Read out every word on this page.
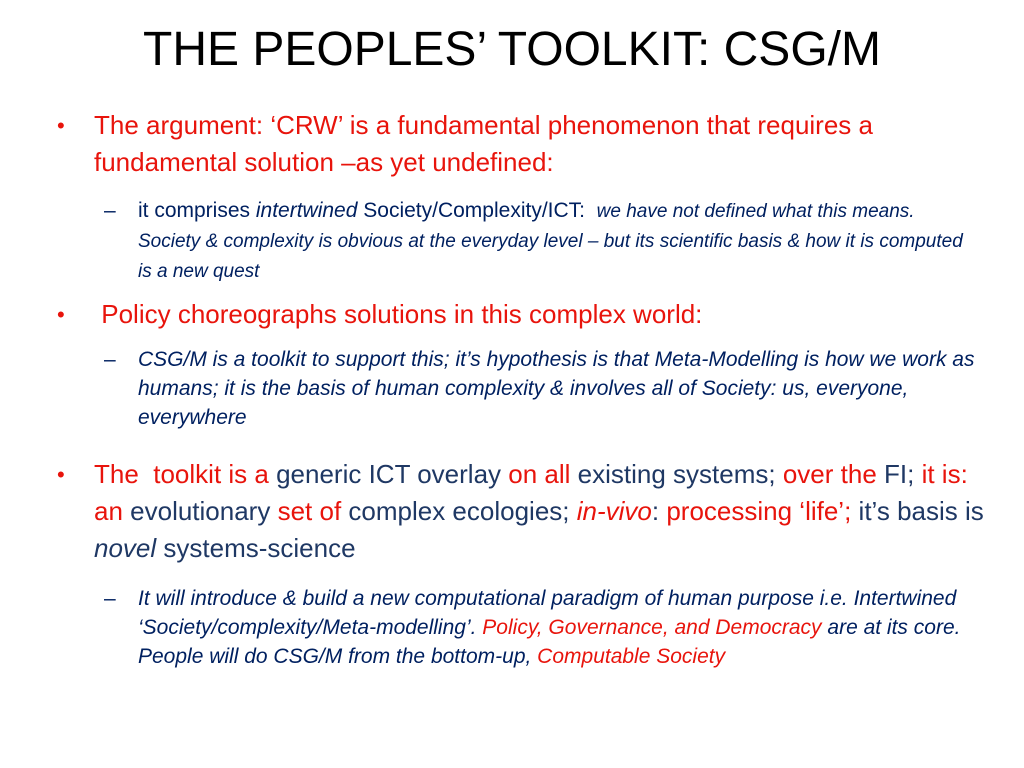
THE PEOPLES’ TOOLKIT: CSG/M
• The argument: ‘CRW’ is a fundamental phenomenon that requires a fundamental solution –as yet undefined:
– it comprises intertwined Society/Complexity/ICT:  we have not defined what this means. Society & complexity is obvious at the everyday level – but its scientific basis & how it is computed is a new quest
• Policy choreographs solutions in this complex world:
– CSG/M is a toolkit to support this; it’s hypothesis is that Meta-Modelling is how we work as humans; it is the basis of human complexity & involves all of Society: us, everyone, everywhere
• The  toolkit is a generic ICT overlay on all existing systems; over the FI; it is: an evolutionary set of complex ecologies; in-vivo: processing ‘life’; it’s basis is novel systems-science
– It will introduce & build a new computational paradigm of human purpose i.e. Intertwined ‘Society/complexity/Meta-modelling’. Policy, Governance, and Democracy are at its core.  People will do CSG/M from the bottom-up, Computable Society
